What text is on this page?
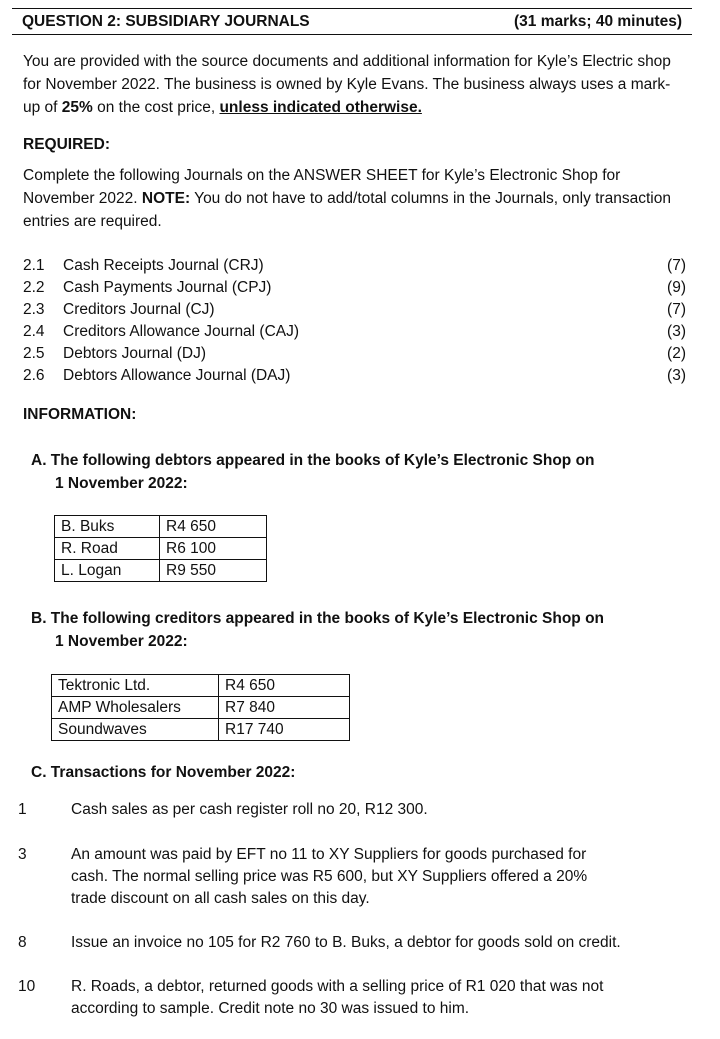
QUESTION 2: SUBSIDIARY JOURNALS	(31 marks; 40 minutes)
You are provided with the source documents and additional information for Kyle’s Electric shop for November 2022. The business is owned by Kyle Evans. The business always uses a mark-up of 25% on the cost price, unless indicated otherwise.
REQUIRED:
Complete the following Journals on the ANSWER SHEET for Kyle’s Electronic Shop for November 2022. NOTE: You do not have to add/total columns in the Journals, only transaction entries are required.
2.1	Cash Receipts Journal (CRJ)	(7)
2.2	Cash Payments Journal (CPJ)	(9)
2.3	Creditors Journal (CJ)	(7)
2.4	Creditors Allowance Journal (CAJ)	(3)
2.5	Debtors Journal (DJ)	(2)
2.6	Debtors Allowance Journal (DAJ)	(3)
INFORMATION:
A. The following debtors appeared in the books of Kyle’s Electronic Shop on
1 November 2022:
B. Buks	R4 650
R. Road	R6 100
L. Logan	R9 550
B. The following creditors appeared in the books of Kyle’s Electronic Shop on
1 November 2022:
Tektronic Ltd.	R4 650
AMP Wholesalers	R7 840
Soundwaves	R17 740
C. Transactions for November 2022:
1	Cash sales as per cash register roll no 20, R12 300.
3	An amount was paid by EFT no 11 to XY Suppliers for goods purchased for
cash. The normal selling price was R5 600, but XY Suppliers offered a 20%
trade discount on all cash sales on this day.
8	Issue an invoice no 105 for R2 760 to B. Buks, a debtor for goods sold on credit.
10	R. Roads, a debtor, returned goods with a selling price of R1 020 that was not
according to sample. Credit note no 30 was issued to him.
